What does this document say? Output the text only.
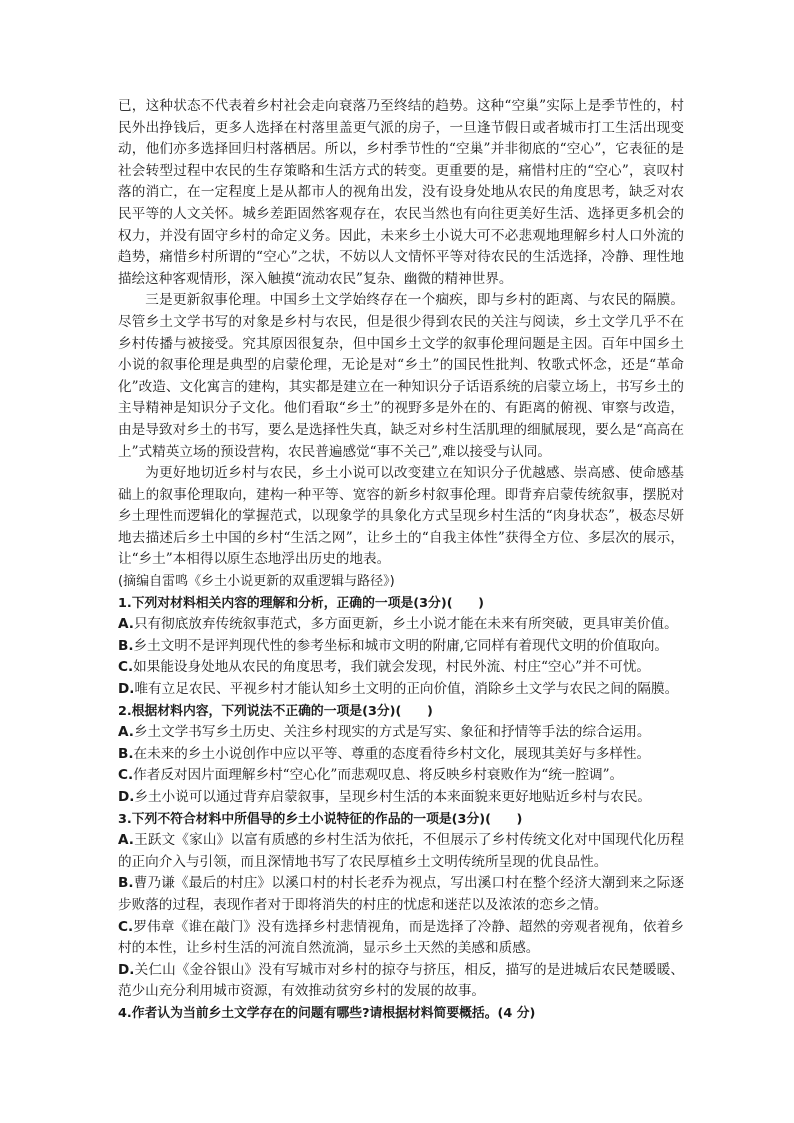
已，这种状态不代表着乡村社会走向衰落乃至终结的趋势。这种“空巢”实际上是季节性的，村民外出挣钱后，更多人选择在村落里盖更气派的房子，一旦逢节假日或者城市打工生活出现变动，他们亦多选择回归村落栖居。所以，乡村季节性的“空巢”并非彻底的“空心”，它表征的是社会转型过程中农民的生存策略和生活方式的转变。更重要的是，痛惜村庄的“空心”，哀叹村落的消亡，在一定程度上是从都市人的视角出发，没有设身处地从农民的角度思考，缺乏对农民平等的人文关怀。城乡差距固然客观存在，农民当然也有向往更美好生活、选择更多机会的权力，并没有固守乡村的命定义务。因此，未来乡土小说大可不必悲观地理解乡村人口外流的趋势，痛惜乡村所谓的“空心”之状，不妨以人文情怀平等对待农民的生活选择，冷静、理性地描绘这种客观情形，深入触摸“流动农民”复杂、幽微的精神世界。

三是更新叙事伦理。中国乡土文学始终存在一个痼疾，即与乡村的距离、与农民的隔膜。尽管乡土文学书写的对象是乡村与农民，但是很少得到农民的关注与阅读，乡土文学几乎不在乡村传播与被接受。究其原因很复杂，但中国乡土文学的叙事伦理问题是主因。百年中国乡土小说的叙事伦理是典型的启蒙伦理，无论是对“乡土”的国民性批判、牧歌式怀念，还是“革命化”改造、文化寓言的建构，其实都是建立在一种知识分子话语系统的启蒙立场上，书写乡土的主导精神是知识分子文化。他们看取“乡土”的视野多是外在的、有距离的俯视、审察与改造，由是导致对乡土的书写，要么是选择性失真，缺乏对乡村生活肌理的细腻展现，要么是“高高在上”式精英立场的预设营构，农民普遍感觉“事不关己”,难以接受与认同。

为更好地切近乡村与农民，乡土小说可以改变建立在知识分子优越感、崇高感、使命感基础上的叙事伦理取向，建构一种平等、宽容的新乡村叙事伦理。即背弃启蒙传统叙事，摆脱对乡土理性而逻辑化的掌握范式，以现象学的具象化方式呈现乡村生活的“肉身状态”，极态尽妍地去描述后乡土中国的乡村“生活之网”，让乡土的“自我主体性”获得全方位、多层次的展示，让“乡土”本相得以原生态地浮出历史的地表。

(摘编自雷鸣《乡土小说更新的双重逻辑与路径》)

1.下列对材料相关内容的理解和分析，正确的一项是(3分)(　　)

A.只有彻底放弃传统叙事范式，多方面更新，乡土小说才能在未来有所突破，更具审美价值。

B.乡土文明不是评判现代性的参考坐标和城市文明的附庸,它同样有着现代文明的价值取向。

C.如果能设身处地从农民的角度思考，我们就会发现，村民外流、村庄“空心”并不可忧。

D.唯有立足农民、平视乡村才能认知乡土文明的正向价值，消除乡土文学与农民之间的隔膜。

2.根据材料内容，下列说法不正确的一项是(3分)(　　)

A.乡土文学书写乡土历史、关注乡村现实的方式是写实、象征和抒情等手法的综合运用。

B.在未来的乡土小说创作中应以平等、尊重的态度看待乡村文化，展现其美好与多样性。

C.作者反对因片面理解乡村“空心化”而悲观叹息、将反映乡村衰败作为“统一腔调”。

D.乡土小说可以通过背弃启蒙叙事，呈现乡村生活的本来面貌来更好地贴近乡村与农民。

3.下列不符合材料中所倡导的乡土小说特征的作品的一项是(3分)(　　)

A.王跃文《家山》以富有质感的乡村生活为依托，不但展示了乡村传统文化对中国现代化历程的正向介入与引领，而且深情地书写了农民厚植乡土文明传统所呈现的优良品性。

B.曹乃谦《最后的村庄》以溪口村的村长老乔为视点，写出溪口村在整个经济大潮到来之际逐步败落的过程，表现作者对于即将消失的村庄的忧虑和迷茫以及浓浓的恋乡之情。

C.罗伟章《谁在敲门》没有选择乡村悲情视角，而是选择了冷静、超然的旁观者视角，依着乡村的本性，让乡村生活的河流自然流淌，显示乡土天然的美感和质感。

D.关仁山《金谷银山》没有写城市对乡村的掠夺与挤压，相反，描写的是进城后农民楚暖暖、范少山充分利用城市资源，有效推动贫穷乡村的发展的故事。

4.作者认为当前乡土文学存在的问题有哪些?请根据材料简要概括。(4 分)
